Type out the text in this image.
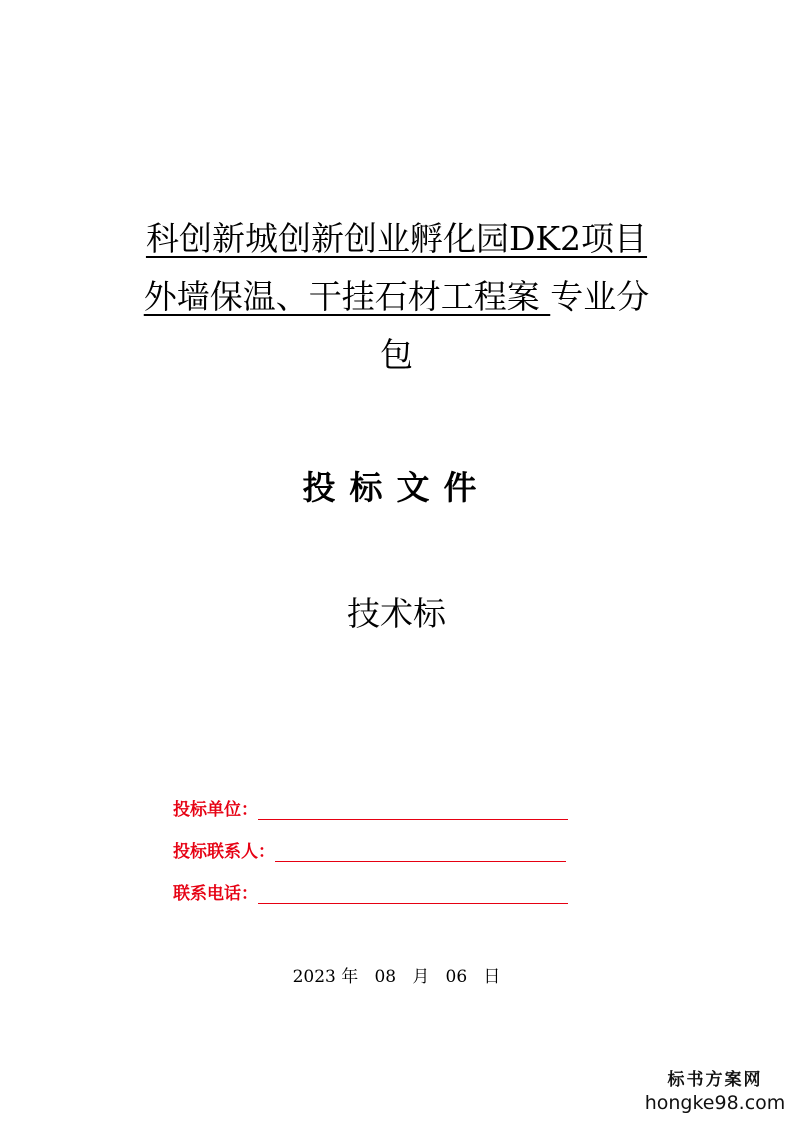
科创新城创新创业孵化园DK2项目
外墙保温、干挂石材工程案 专业分
包
投标文件
技术标
投标单位：
投标联系人：
联系电话：
2023 年 08 月 06 日
标书方案网
hongke98.com
